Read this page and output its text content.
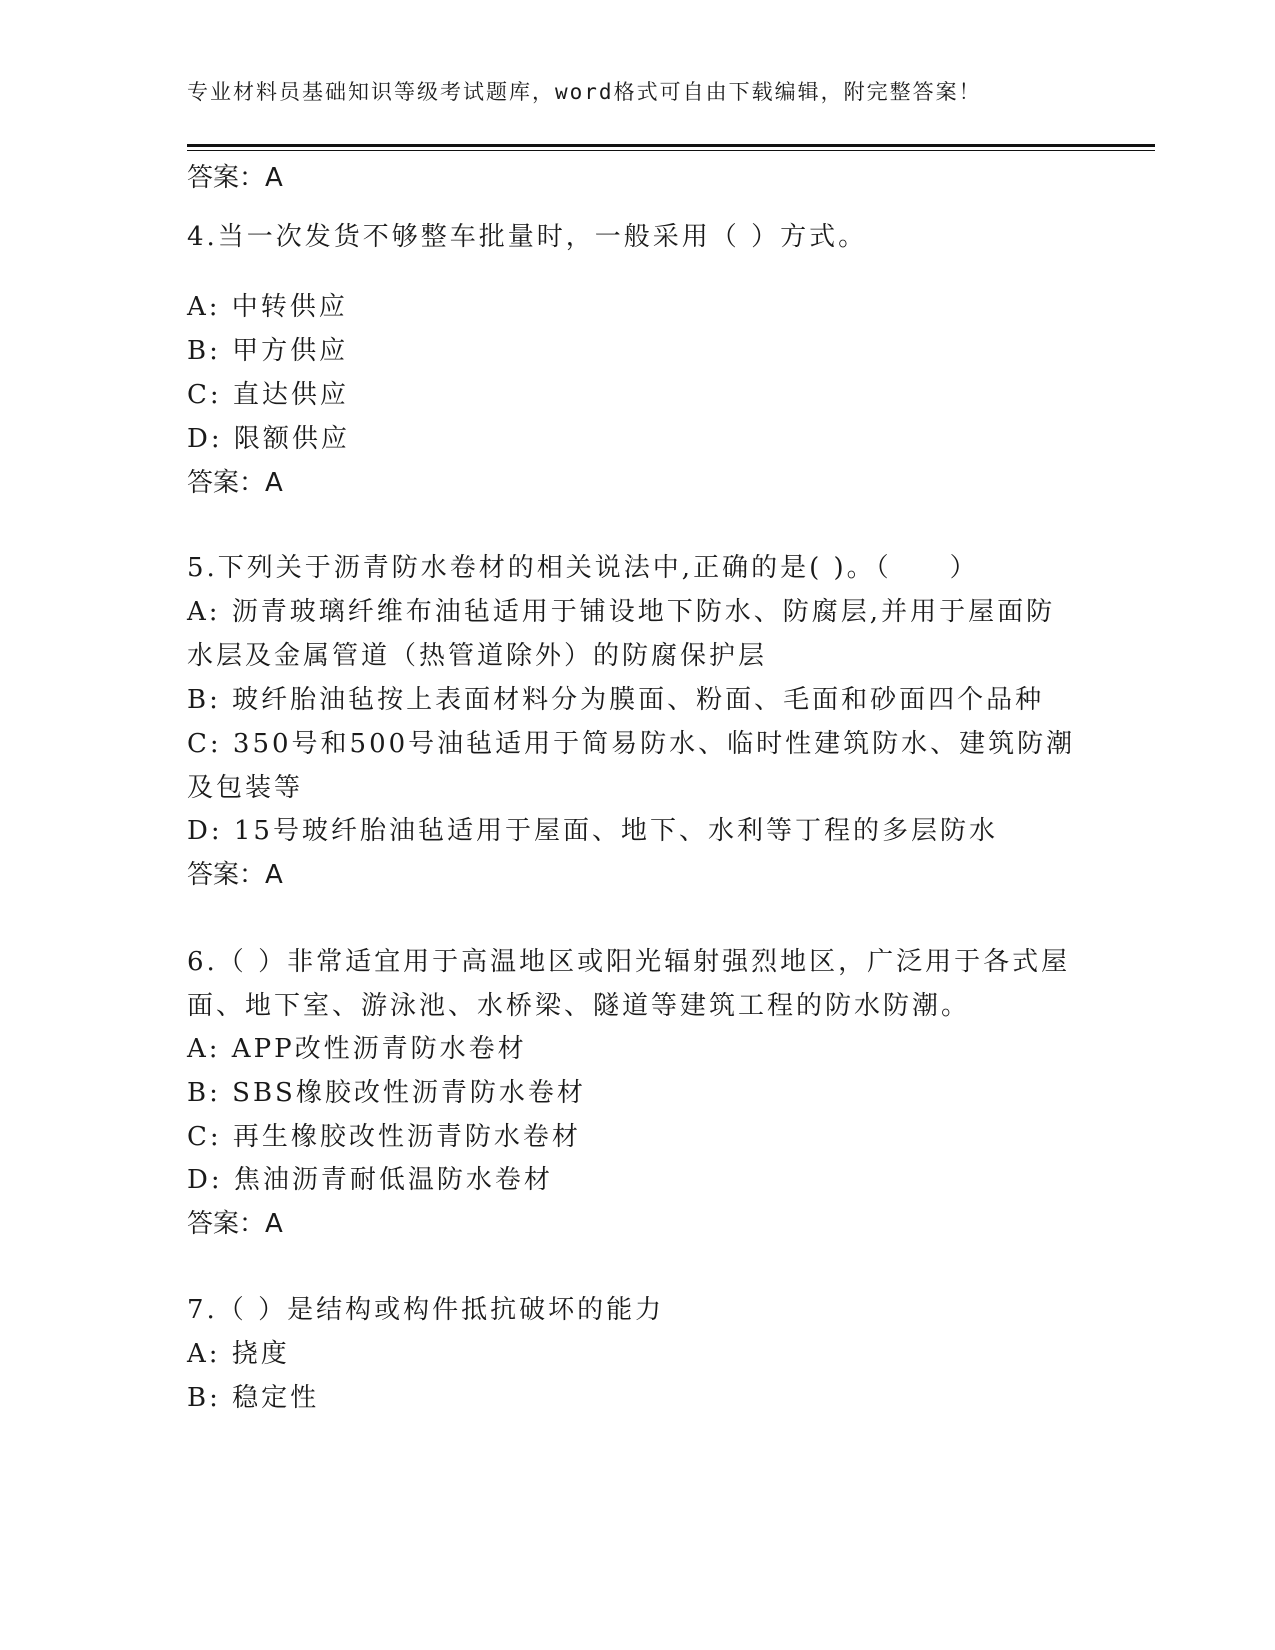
专业材料员基础知识等级考试题库，word格式可自由下载编辑，附完整答案！
答案：A
4.当一次发货不够整车批量时，一般采用（ ）方式。
A: 中转供应
B: 甲方供应
C: 直达供应
D: 限额供应
答案：A
5.下列关于沥青防水卷材的相关说法中,正确的是( )。（　　）
A: 沥青玻璃纤维布油毡适用于铺设地下防水、防腐层,并用于屋面防
水层及金属管道（热管道除外）的防腐保护层
B: 玻纤胎油毡按上表面材料分为膜面、粉面、毛面和砂面四个品种
C: 350号和500号油毡适用于简易防水、临时性建筑防水、建筑防潮
及包装等
D: 15号玻纤胎油毡适用于屋面、地下、水利等丁程的多层防水
答案：A
6.（ ）非常适宜用于高温地区或阳光辐射强烈地区，广泛用于各式屋
面、地下室、游泳池、水桥梁、隧道等建筑工程的防水防潮。
A: APP改性沥青防水卷材
B: SBS橡胶改性沥青防水卷材
C: 再生橡胶改性沥青防水卷材
D: 焦油沥青耐低温防水卷材
答案：A
7.（ ）是结构或构件抵抗破坏的能力
A: 挠度
B: 稳定性
